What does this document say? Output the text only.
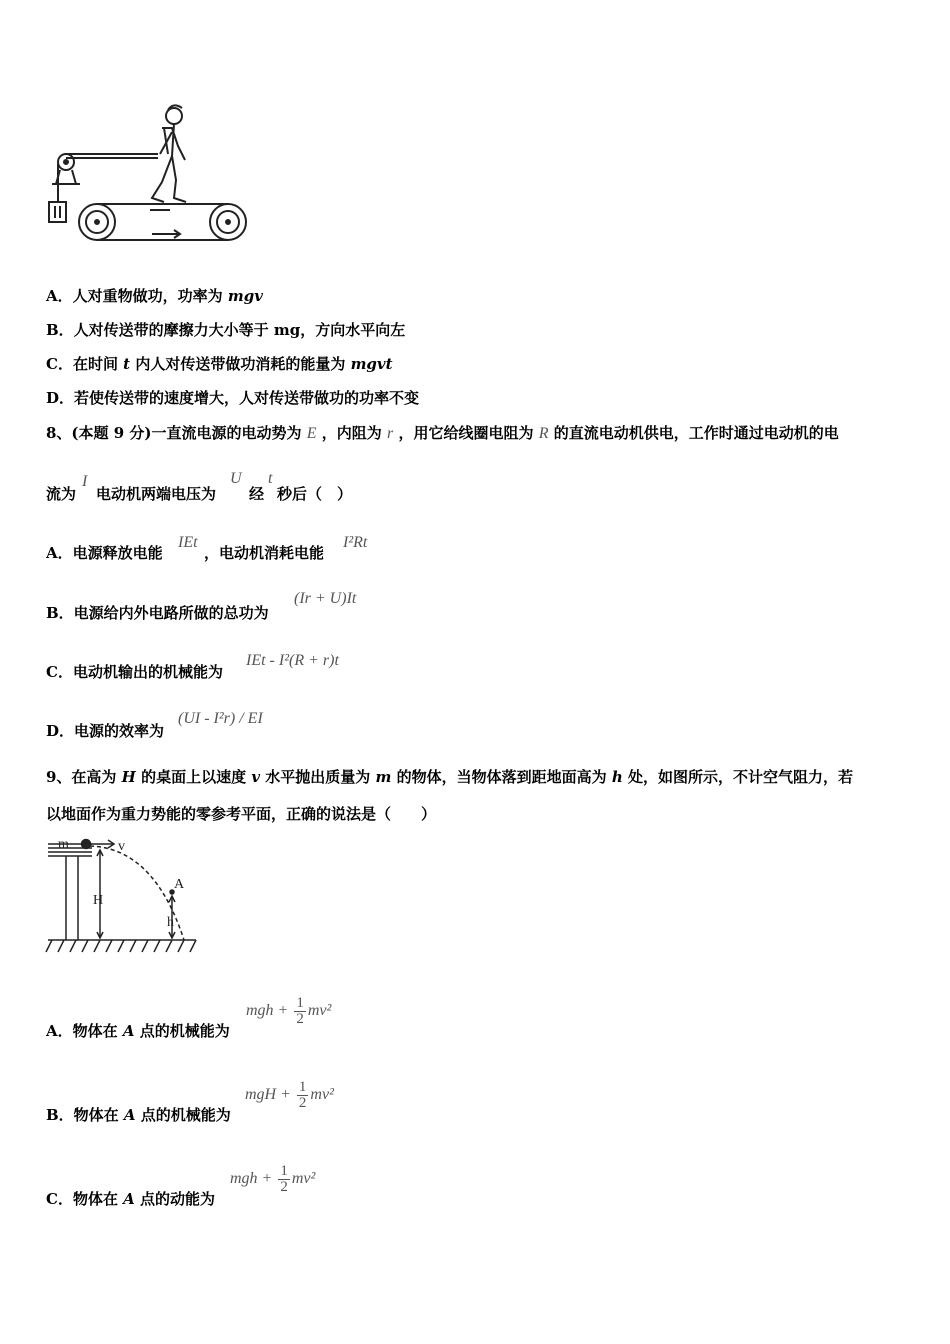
A．人对重物做功，功率为 mgv
B．人对传送带的摩擦力大小等于 mg，方向水平向左
C．在时间 t 内人对传送带做功消耗的能量为 mgvt
D．若使传送带的速度增大，人对传送带做功的功率不变
8、(本题 9 分)一直流电源的电动势为 E ，内阻为 r ，用它给线圈电阻为 R 的直流电动机供电，工作时通过电动机的电
流为
I
电动机两端电压为
U
经
t
秒后（　）
A．电源释放电能
IEt
，电动机消耗电能
I²Rt
B．电源给内外电路所做的总功为
(Ir + U)It
C．电动机输出的机械能为
IEt - I²(R + r)t
D．电源的效率为
(UI - I²r) / EI
9、在高为 H 的桌面上以速度 v 水平抛出质量为 m 的物体，当物体落到距地面高为 h 处，如图所示，不计空气阻力，若
以地面作为重力势能的零参考平面，正确的说法是（　　）
m	v
H
A
h
A．物体在 A 点的机械能为
mgh + $\frac{1}{2} mv^2$
B．物体在 A 点的机械能为
mgH + $\frac{1}{2} mv^2$
C．物体在 A 点的动能为
mgh + $\frac{1}{2} mv^2$
